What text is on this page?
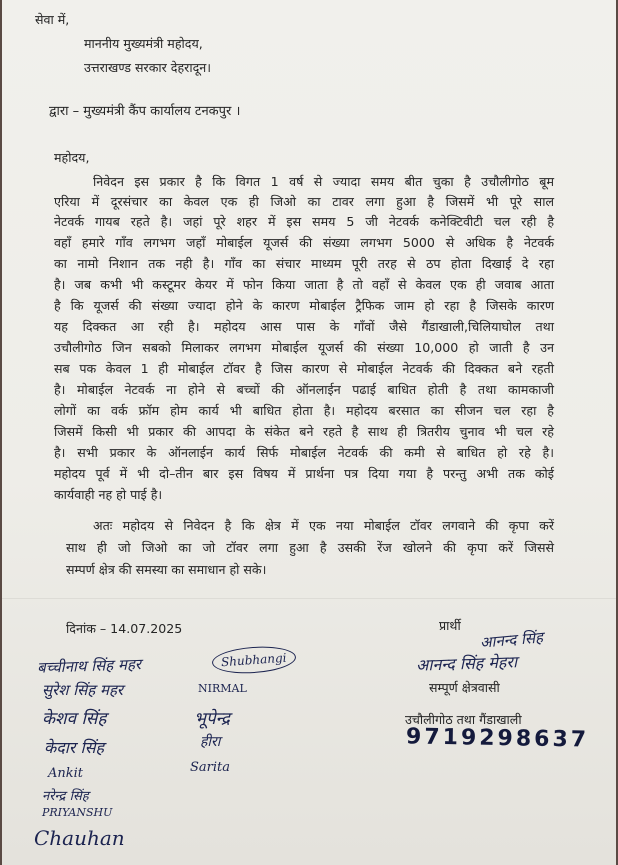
सेवा में,
माननीय मुख्यमंत्री महोदय,
उत्तराखण्ड सरकार देहरादून।
द्वारा – मुख्यमंत्री कैंप कार्यालय टनकपुर ।
महोदय,
निवेदन इस प्रकार है कि विगत 1 वर्ष से ज्यादा समय बीत चुका है उचौलीगोठ बूम
एरिया में दूरसंचार का केवल एक ही जिओ का टावर लगा हुआ है जिसमें भी पूरे साल
नेटवर्क गायब रहते है। जहां पूरे शहर में इस समय 5 जी नेटवर्क कनेक्टिवीटी चल रही है
वहाँ हमारे गाँव लगभग जहाँ मोबाईल यूजर्स की संख्या लगभग 5000 से अधिक है नेटवर्क
का नामो निशान तक नही है। गाँव का संचार माध्यम पूरी तरह से ठप होता दिखाई दे रहा
है। जब कभी भी कस्टूमर केयर में फोन किया जाता है तो वहाँ से केवल एक ही जवाब आता
है कि यूजर्स की संख्या ज्यादा होने के कारण मोबाईल ट्रैफिक जाम हो रहा है जिसके कारण
यह दिक्कत आ रही है। महोदय आस पास के गाँवों जैसे गैंडाखाली,चिलियाघोल तथा
उचौलीगोठ जिन सबको मिलाकर लगभग मोबाईल यूजर्स की संख्या 10,000 हो जाती है उन
सब पक केवल 1 ही मोबाईल टॉवर है जिस कारण से मोबाईल नेटवर्क की दिक्कत बने रहती
है। मोबाईल नेटवर्क ना होने से बच्चों की ऑनलाईन पढाई बाधित होती है तथा कामकाजी
लोगों का वर्क फ्रॉम होम कार्य भी बाधित होता है। महोदय बरसात का सीजन चल रहा है
जिसमें किसी भी प्रकार की आपदा के संकेत बने रहते है साथ ही त्रितरीय चुनाव भी चल रहे
है। सभी प्रकार के ऑनलाईन कार्य सिर्फ मोबाईल नेटवर्क की कमी से बाधित हो रहे है।
महोदय पूर्व में भी दो–तीन बार इस विषय में प्रार्थना पत्र दिया गया है परन्तु अभी तक कोई
कार्यवाही नह हो पाई है।
अतः महोदय से निवेदन है कि क्षेत्र में एक नया मोबाईल टॉवर लगवाने की कृपा करें
साथ ही जो जिओ का जो टॉवर लगा हुआ है उसकी रेंज खोलने की कृपा करें जिससे
सम्पर्ण क्षेत्र की समस्या का समाधान हो सके।
दिनांक – 14.07.2025	प्रार्थी
आनन्द सिंह
आनन्द सिंह मेहरा
सम्पूर्ण क्षेत्रवासी
उचौलीगोठ तथा गैंडाखाली
9719298637
बच्चीनाथ सिंह महर
सुरेश सिंह महर
केशव सिंह
केदार सिंह
Ankit
नरेन्द्र सिंह
PRIYANSHU
Chauhan
Shubhangi
NIRMAL
भूपेन्द्र
हीरा
Sarita
